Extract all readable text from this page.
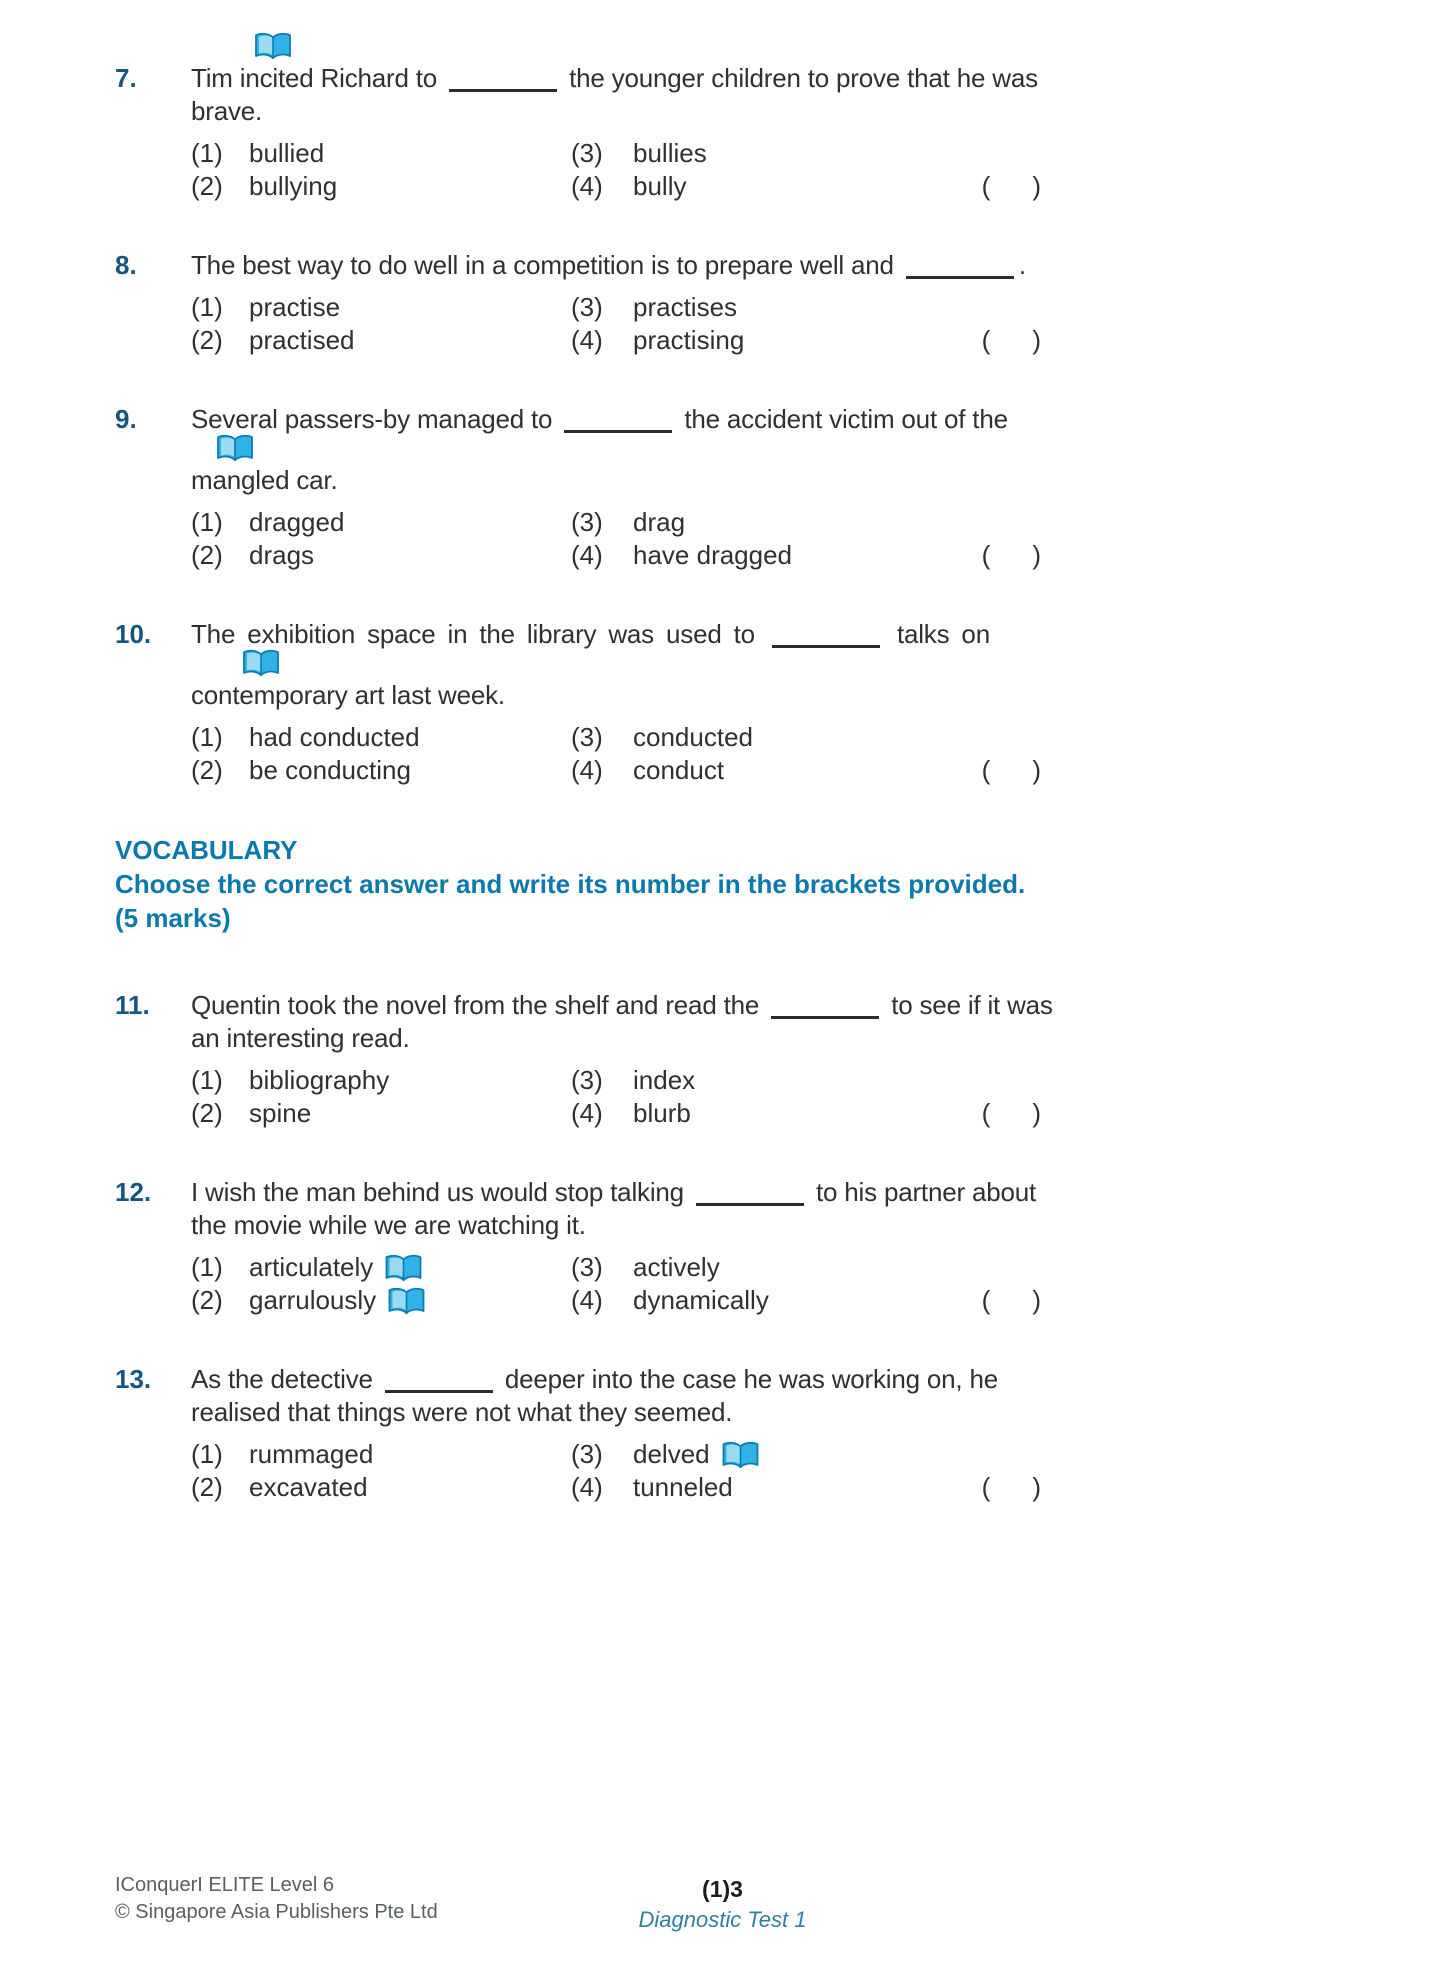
7.	Tim incited
Richard to	the younger children to prove that he was
brave.
(1)	bullied	(3)	bullies
(2)	bullying	(4)	bully	( )
8.	The best way to do well in a competition is to prepare well and	.
(1)	practise	(3)	practises
(2)	practised	(4)	practising	( )
9.	Several passers-by managed to	the accident victim out of the
mangled
car.
(1)	dragged	(3)	drag
(2)	drags	(4)	have dragged	( )
10.	The exhibition space in the library was used to	talks on
contemporary
art last week.
(1)	had conducted	(3)	conducted
(2)	be conducting	(4)	conduct	( )
VOCABULARY
Choose the correct answer and write its number in the brackets provided.
(5 marks)
11.	Quentin took the novel from the shelf and read the	to see if it was
an interesting read.
(1)	bibliography	(3)	index
(2)	spine	(4)	blurb	( )
12.	I wish the man behind us would stop talking	to his partner about
the movie while we are watching it.
(1)	articulately	(3)	actively
(2)	garrulously	(4)	dynamically	( )
13.	As the detective	deeper into the case he was working on, he
realised that things were not what they seemed.
(1)	rummaged	(3)	delved
(2)	excavated	(4)	tunneled	( )
IConquerI ELITE Level 6
© Singapore Asia Publishers Pte Ltd
(1)3
Diagnostic Test 1
